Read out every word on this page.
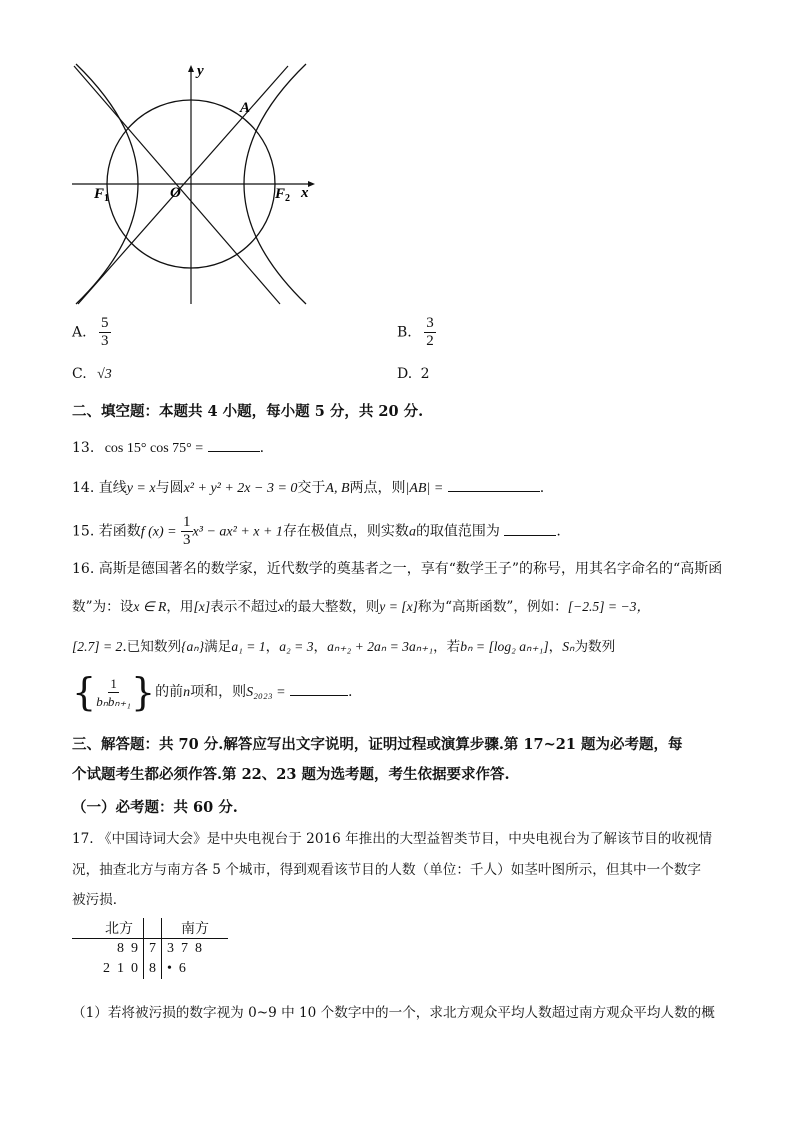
y
x
A
O
$F_1$	$F_2$
A. $\frac{5}{3}$	B. $\frac{3}{2}$
C. √3	D. 2
二、填空题：本题共 4 小题，每小题 5 分，共 20 分.
13. cos 15° cos 75° =	.
14. 直线y = x与圆x² + y² + 2x − 3 = 0交于A, B两点，则|AB| =	.
15. 若函数f $(x) = \frac{1}{3} x^3 - ax^2 + x + 1$存在极值点，则实数a的取值范围为	.
16. 高斯是德国著名的数学家，近代数学的奠基者之一，享有“数学王子”的称号，用其名字命名的“高斯函
数”为：设x ∈ R，用[x]表示不超过x的最大整数，则y = [x]称为“高斯函数”，例如：[−2.5] = −3，
[2.7] = 2.已知数列{aₙ}满足a₁ = 1，a₂ = 3，aₙ₊₂ + 2aₙ = 3aₙ₊₁，若bₙ = [log₂ aₙ₊₁]，Sₙ为数列
{ $\frac{1}{\text{bₙbₙ₊₁}}$ }的前n项和，则S₂₀₂₃ =	.
三、解答题：共 70 分.解答应写出文字说明，证明过程或演算步骤.第 17~21 题为必考题，每
个试题考生都必须作答.第 22、23 题为选考题，考生依据要求作答.
（一）必考题：共 60 分.
17. 《中国诗词大会》是中央电视台于 2016 年推出的大型益智类节目，中央电视台为了解该节目的收视情
况，抽查北方与南方各 5 个城市，得到观看该节目的人数（单位：千人）如茎叶图所示，但其中一个数字
被污损．
北方		南方
8  9	7	3  7  8
2  1  0	8	•  6
（1）若将被污损的数字视为 0~9 中 10 个数字中的一个，求北方观众平均人数超过南方观众平均人数的概
